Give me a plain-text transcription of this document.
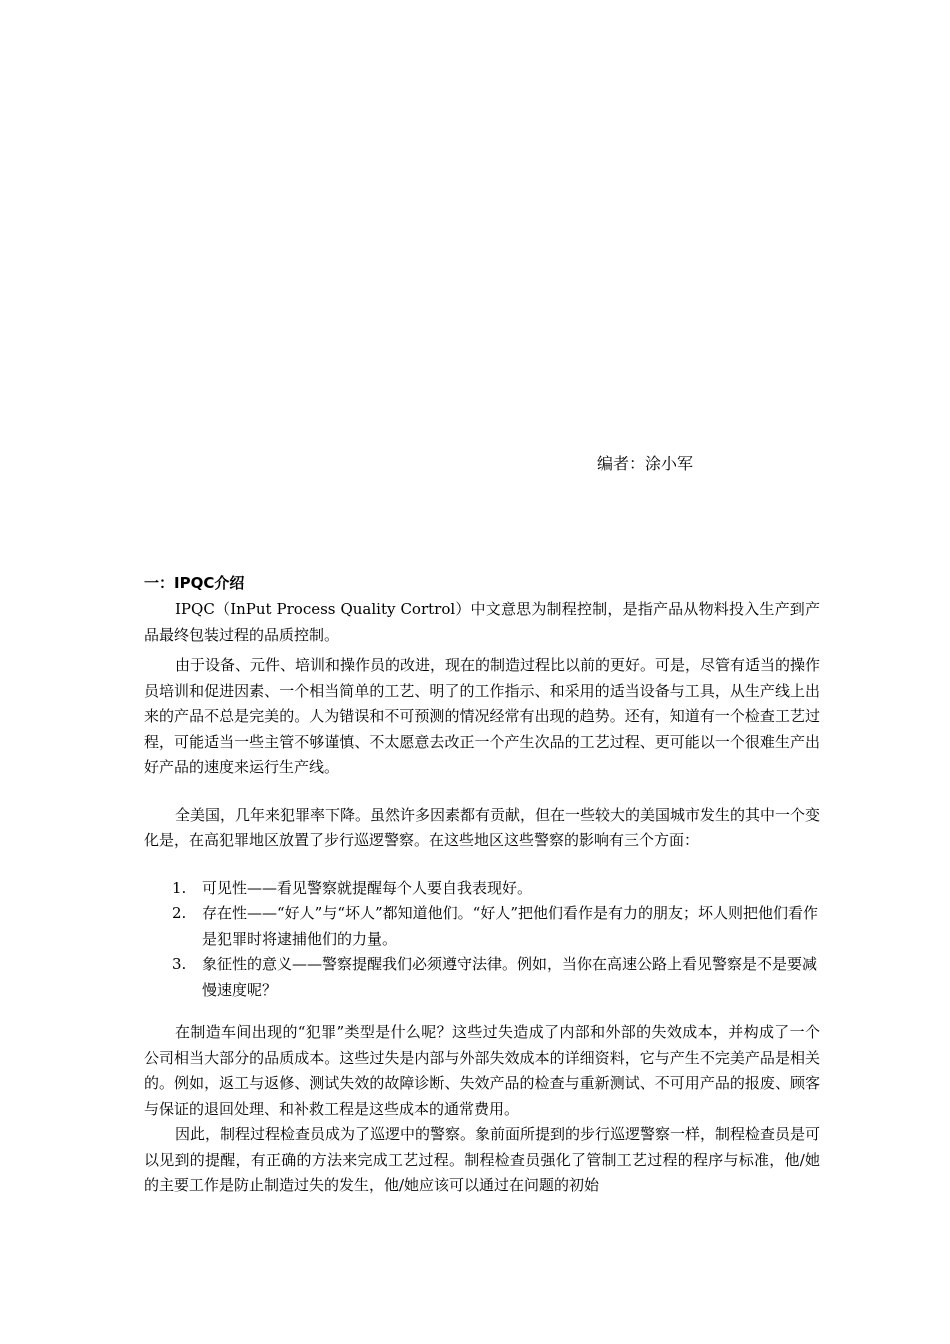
编者：涂小军
一：IPQC介绍

IPQC（InPut Process Quality Cortrol）中文意思为制程控制，是指产品从物料投入生产到产品最终包装过程的品质控制。

由于设备、元件、培训和操作员的改进，现在的制造过程比以前的更好。可是，尽管有适当的操作员培训和促进因素、一个相当简单的工艺、明了的工作指示、和采用的适当设备与工具，从生产线上出来的产品不总是完美的。人为错误和不可预测的情况经常有出现的趋势。还有，知道有一个检查工艺过程，可能适当一些主管不够谨慎、不太愿意去改正一个产生次品的工艺过程、更可能以一个很难生产出好产品的速度来运行生产线。

全美国，几年来犯罪率下降。虽然许多因素都有贡献，但在一些较大的美国城市发生的其中一个变化是，在高犯罪地区放置了步行巡逻警察。在这些地区这些警察的影响有三个方面：

1. 可见性——看见警察就提醒每个人要自我表现好。
2. 存在性——“好人”与“坏人”都知道他们。“好人”把他们看作是有力的朋友；坏人则把他们看作是犯罪时将逮捕他们的力量。
3. 象征性的意义——警察提醒我们必须遵守法律。例如，当你在高速公路上看见警察是不是要减慢速度呢？

在制造车间出现的“犯罪”类型是什么呢？这些过失造成了内部和外部的失效成本，并构成了一个公司相当大部分的品质成本。这些过失是内部与外部失效成本的详细资料，它与产生不完美产品是相关的。例如，返工与返修、测试失效的故障诊断、失效产品的检查与重新测试、不可用产品的报废、顾客与保证的退回处理、和补救工程是这些成本的通常费用。

因此，制程过程检查员成为了巡逻中的警察。象前面所提到的步行巡逻警察一样，制程检查员是可以见到的提醒，有正确的方法来完成工艺过程。制程检查员强化了管制工艺过程的程序与标准，他/她的主要工作是防止制造过失的发生，他/她应该可以通过在问题的初始
